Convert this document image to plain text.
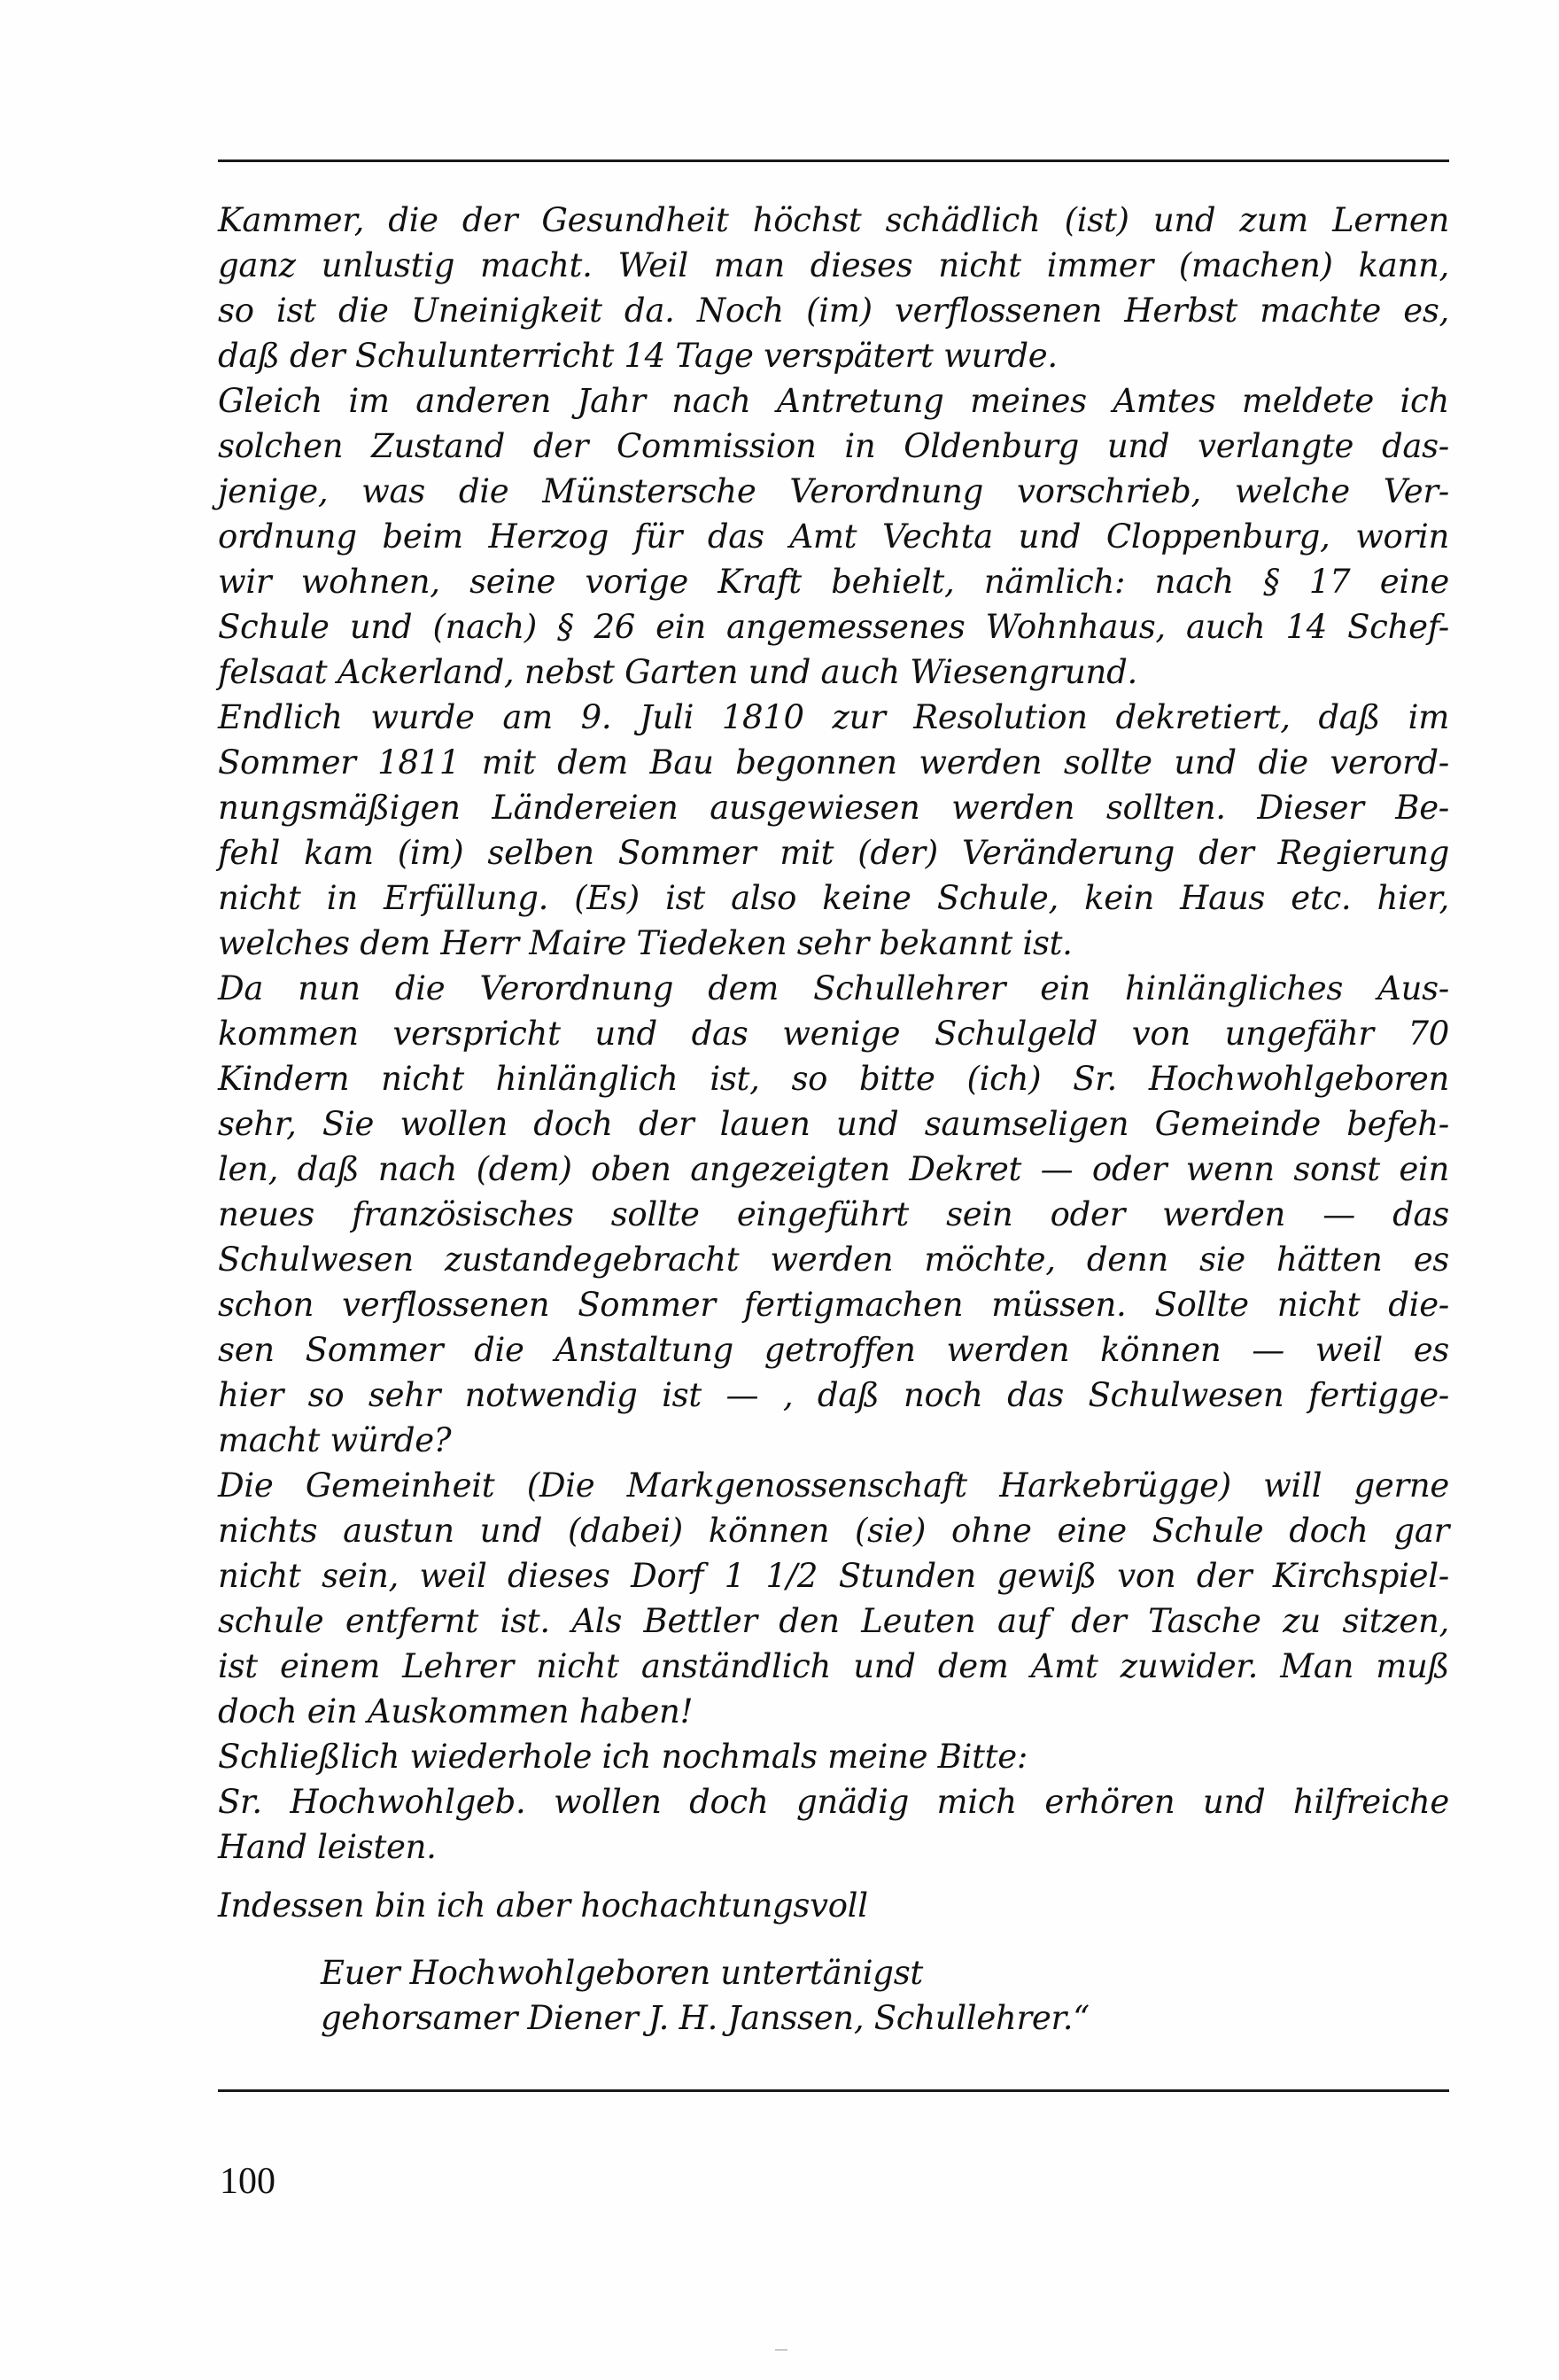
Kammer, die der Gesundheit höchst schädlich (ist) und zum Lernen
ganz unlustig macht. Weil man dieses nicht immer (machen) kann,
so ist die Uneinigkeit da. Noch (im) verflossenen Herbst machte es,
daß der Schulunterricht 14 Tage verspätert wurde.
Gleich im anderen Jahr nach Antretung meines Amtes meldete ich
solchen Zustand der Commission in Oldenburg und verlangte das-
jenige, was die Münstersche Verordnung vorschrieb, welche Ver-
ordnung beim Herzog für das Amt Vechta und Cloppenburg, worin
wir wohnen, seine vorige Kraft behielt, nämlich: nach § 17 eine
Schule und (nach) § 26 ein angemessenes Wohnhaus, auch 14 Schef-
felsaat Ackerland, nebst Garten und auch Wiesengrund.
Endlich wurde am 9. Juli 1810 zur Resolution dekretiert, daß im
Sommer 1811 mit dem Bau begonnen werden sollte und die verord-
nungsmäßigen Ländereien ausgewiesen werden sollten. Dieser Be-
fehl kam (im) selben Sommer mit (der) Veränderung der Regierung
nicht in Erfüllung. (Es) ist also keine Schule, kein Haus etc. hier,
welches dem Herr Maire Tiedeken sehr bekannt ist.
Da nun die Verordnung dem Schullehrer ein hinlängliches Aus-
kommen verspricht und das wenige Schulgeld von ungefähr 70
Kindern nicht hinlänglich ist, so bitte (ich) Sr. Hochwohlgeboren
sehr, Sie wollen doch der lauen und saumseligen Gemeinde befeh-
len, daß nach (dem) oben angezeigten Dekret — oder wenn sonst ein
neues französisches sollte eingeführt sein oder werden — das
Schulwesen zustandegebracht werden möchte, denn sie hätten es
schon verflossenen Sommer fertigmachen müssen. Sollte nicht die-
sen Sommer die Anstaltung getroffen werden können — weil es
hier so sehr notwendig ist — , daß noch das Schulwesen fertigge-
macht würde?
Die Gemeinheit (Die Markgenossenschaft Harkebrügge) will gerne
nichts austun und (dabei) können (sie) ohne eine Schule doch gar
nicht sein, weil dieses Dorf 1 1/2 Stunden gewiß von der Kirchspiel-
schule entfernt ist. Als Bettler den Leuten auf der Tasche zu sitzen,
ist einem Lehrer nicht anständlich und dem Amt zuwider. Man muß
doch ein Auskommen haben!
Schließlich wiederhole ich nochmals meine Bitte:
Sr. Hochwohlgeb. wollen doch gnädig mich erhören und hilfreiche
Hand leisten.
Indessen bin ich aber hochachtungsvoll
Euer Hochwohlgeboren untertänigst
gehorsamer Diener J. H. Janssen, Schullehrer.“
100
